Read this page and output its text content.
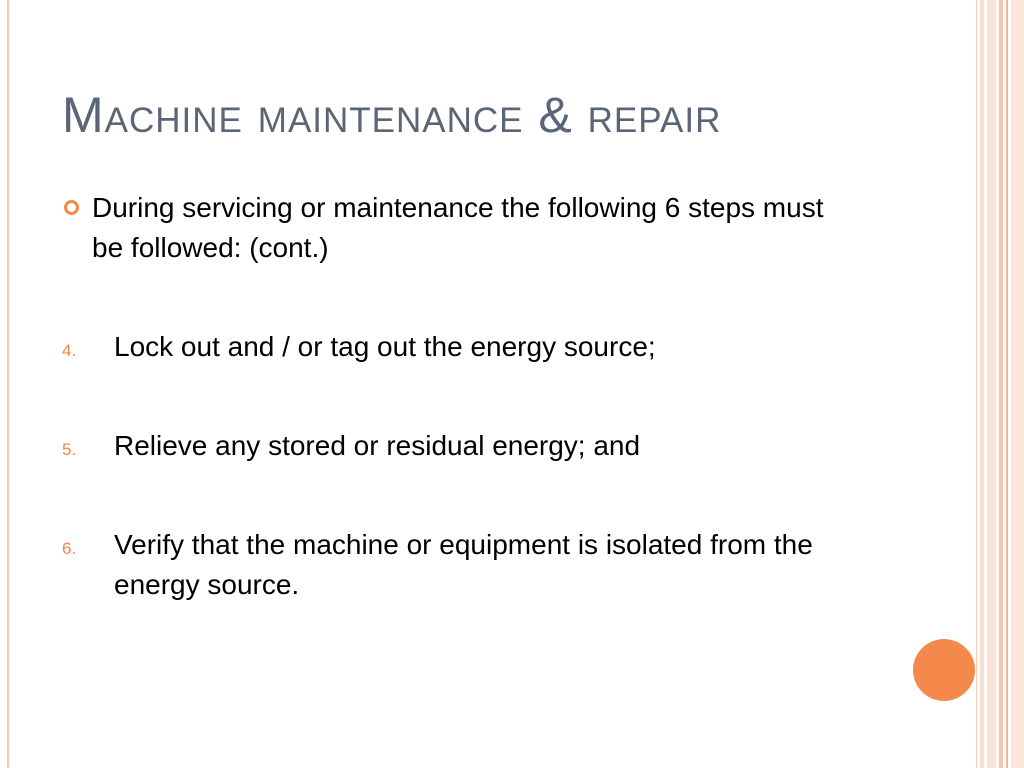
Machine maintenance & repair
During servicing or maintenance the following 6 steps must be followed: (cont.)
4.	Lock out and / or tag out the energy source;
5.	Relieve any stored or residual energy; and
6.	Verify that the machine or equipment is isolated from the energy source.
